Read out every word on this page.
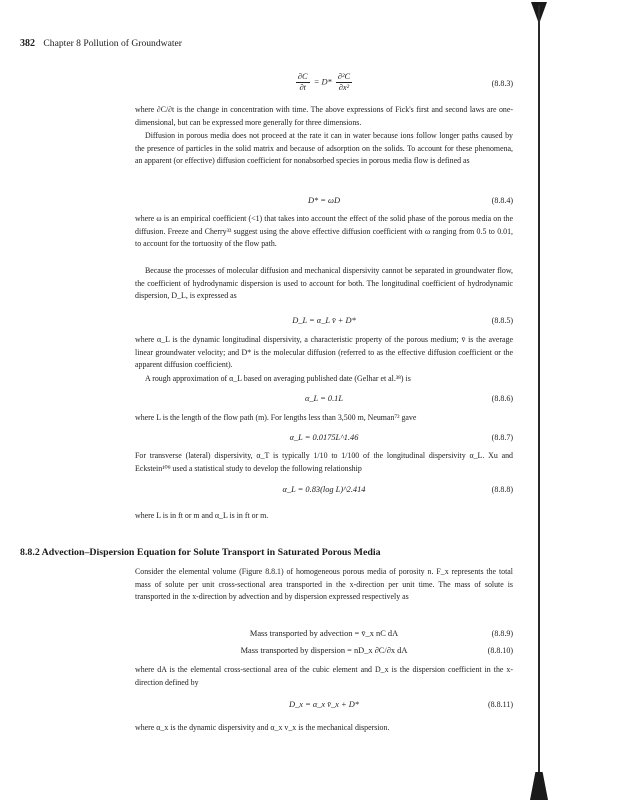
382 Chapter 8 Pollution of Groundwater
$\frac{\partial C}{\partial t} = D* \frac{\text{∂²C}}{\text{∂x²}}$	(8.8.3)

where ∂C/∂t is the change in concentration with time. The above expressions of Fick's first and second laws are one-dimensional, but can be expressed more generally for three dimensions.

Diffusion in porous media does not proceed at the rate it can in water because ions follow longer paths caused by the presence of particles in the solid matrix and because of adsorption on the solids. To account for these phenomena, an apparent (or effective) diffusion coefficient for nonabsorbed species in porous media flow is defined as

D* = ωD	(8.8.4)

where ω is an empirical coefficient (<1) that takes into account the effect of the solid phase of the porous media on the diffusion. Freeze and Cherry³³ suggest using the above effective diffusion coefficient with ω ranging from 0.5 to 0.01, to account for the tortuosity of the flow path.

Because the processes of molecular diffusion and mechanical dispersivity cannot be separated in groundwater flow, the coefficient of hydrodynamic dispersion is used to account for both. The longitudinal coefficient of hydrodynamic dispersion, D_L, is expressed as

D_L = α_L v̄ + D*	(8.8.5)

where α_L is the dynamic longitudinal dispersivity, a characteristic property of the porous medium; v̄ is the average linear groundwater velocity; and D* is the molecular diffusion (referred to as the effective diffusion coefficient or the apparent diffusion coefficient).

A rough approximation of α_L based on averaging published date (Gelhar et al.³⁸) is

α_L = 0.1L	(8.8.6)

where L is the length of the flow path (m). For lengths less than 3,500 m, Neuman⁷² gave

α_L = 0.0175L^1.46	(8.8.7)

For transverse (lateral) dispersivity, α_T is typically 1/10 to 1/100 of the longitudinal dispersivity α_L. Xu and Eckstein¹⁰⁹ used a statistical study to develop the following relationship

α_L = 0.83(log L)^2.414	(8.8.8)

where L is in ft or m and α_L is in ft or m.

8.8.2 Advection–Dispersion Equation for Solute Transport in Saturated Porous Media

Consider the elemental volume (Figure 8.8.1) of homogeneous porous media of porosity n. F_x represents the total mass of solute per unit cross-sectional area transported in the x-direction per unit time. The mass of solute is transported in the x-direction by advection and by dispersion expressed respectively as

Mass transported by advection = v̄_x nC dA	(8.8.9)
Mass transported by dispersion = nD_x ∂C/∂x dA	(8.8.10)

where dA is the elemental cross-sectional area of the cubic element and D_x is the dispersion coefficient in the x-direction defined by

D_x = α_x v̄_x + D*	(8.8.11)

where α_x is the dynamic dispersivity and α_x v_x is the mechanical dispersion.
